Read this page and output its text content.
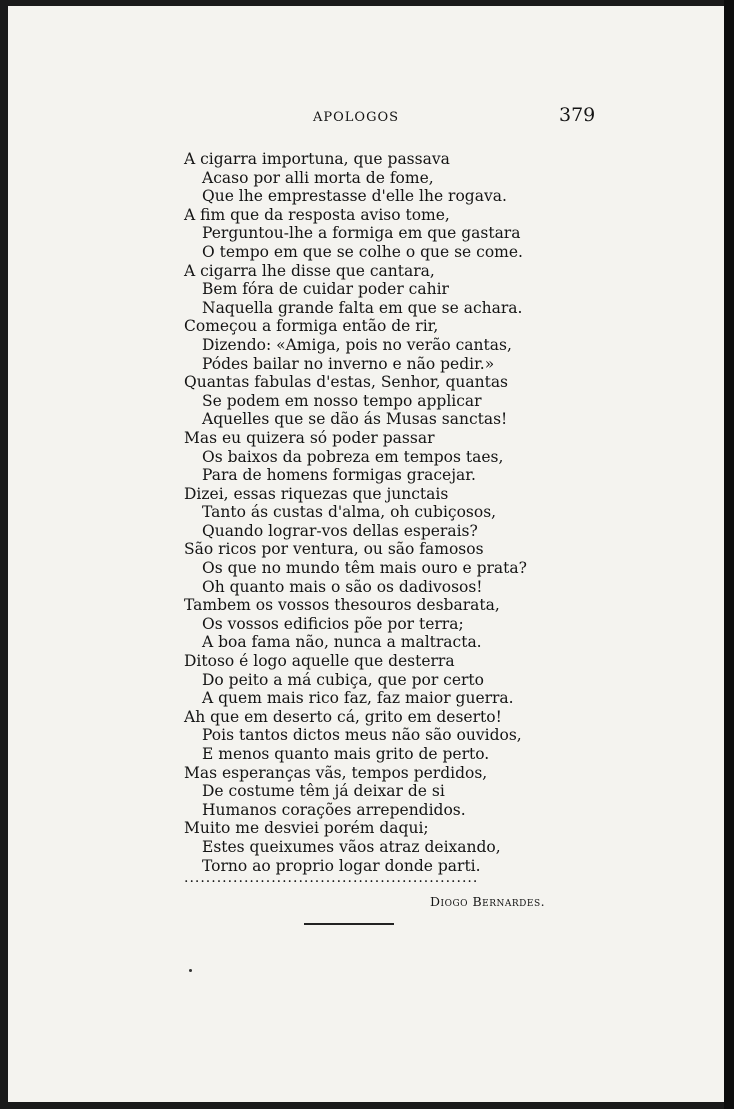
APOLOGOS	379
A cigarra importuna, que passava
Acaso por alli morta de fome,
Que lhe emprestasse d'elle lhe rogava.
A fim que da resposta aviso tome,
Perguntou-lhe a formiga em que gastara
O tempo em que se colhe o que se come.
A cigarra lhe disse que cantara,
Bem fóra de cuidar poder cahir
Naquella grande falta em que se achara.
Começou a formiga então de rir,
Dizendo: «Amiga, pois no verão cantas,
Pódes bailar no inverno e não pedir.»
Quantas fabulas d'estas, Senhor, quantas
Se podem em nosso tempo applicar
Aquelles que se dão ás Musas sanctas!
Mas eu quizera só poder passar
Os baixos da pobreza em tempos taes,
Para de homens formigas gracejar.
Dizei, essas riquezas que junctais
Tanto ás custas d'alma, oh cubiçosos,
Quando lograr-vos dellas esperais?
São ricos por ventura, ou são famosos
Os que no mundo têm mais ouro e prata?
Oh quanto mais o são os dadivosos!
Tambem os vossos thesouros desbarata,
Os vossos edificios põe por terra;
A boa fama não, nunca a maltracta.
Ditoso é logo aquelle que desterra
Do peito a má cubiça, que por certo
A quem mais rico faz, faz maior guerra.
Ah que em deserto cá, grito em deserto!
Pois tantos dictos meus não são ouvidos,
E menos quanto mais grito de perto.
Mas esperanças vãs, tempos perdidos,
De costume têm já deixar de si
Humanos corações arrependidos.
Muito me desviei porém daqui;
Estes queixumes vãos atraz deixando,
Torno ao proprio logar donde parti.
......................................................
Diogo Bernardes.
